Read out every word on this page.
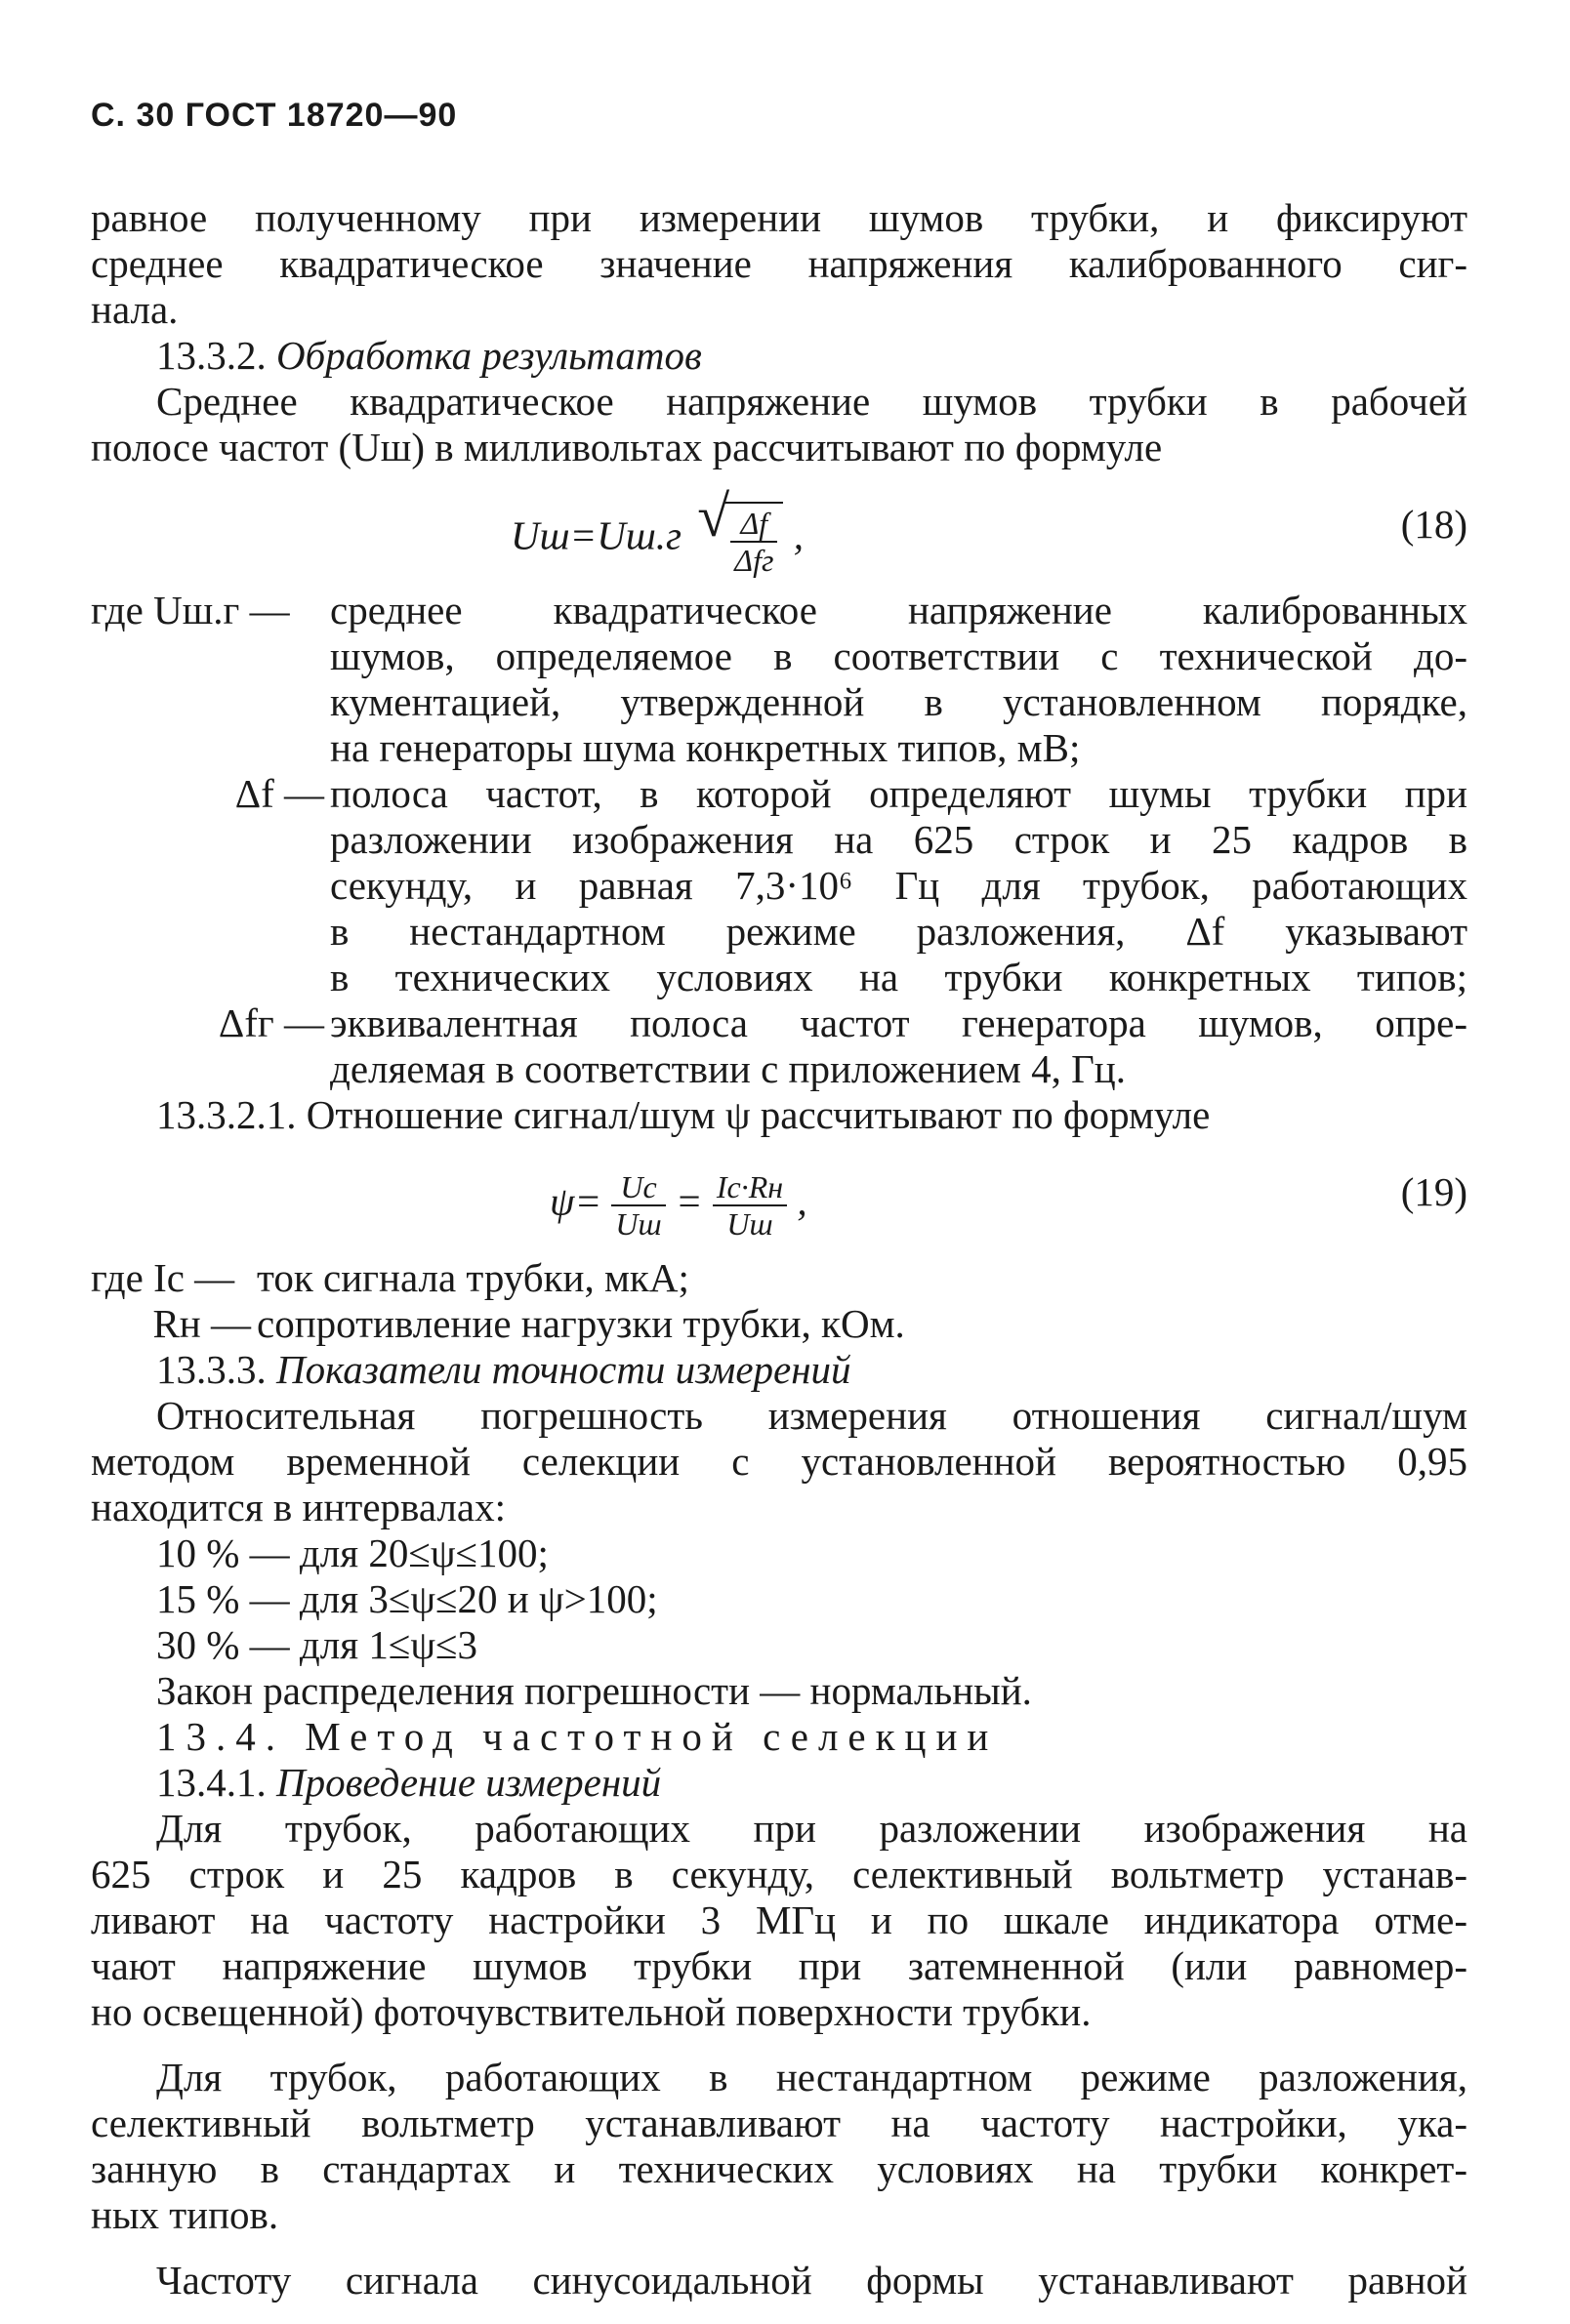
С. 30 ГОСТ 18720—90

равное полученному при измерении шумов трубки, и фиксируют

среднее квадратическое значение напряжения калиброванного сиг-

нала.

13.3.2. Обработка результатов

Среднее квадратическое напряжение шумов трубки в рабочей

полосе частот (Uш) в милливольтах рассчитывают по формуле

Uш=Uш.г √ $\frac{\Delta f}{\text{Δfг}}$ ,	(18)
где Uш.г —	среднее квадратическое напряжение калиброванных

шумов, определяемое в соответствии с технической до-

кументацией, утвержденной в установленном порядке,

на генераторы шума конкретных типов, мВ;

Δf — полоса частот, в которой определяют шумы трубки при

разложении изображения на 625 строк и 25 кадров в

секунду, и равная 7,3·10⁶ Гц для трубок, работающих

в нестандартном режиме разложения, Δf указывают

в технических условиях на трубки конкретных типов;

Δfг — эквивалентная полоса частот генератора шумов, опре-

деляемая в соответствии с приложением 4, Гц.

13.3.2.1. Отношение сигнал/шум ψ рассчитывают по формуле

$\psi= \frac{Uс}{Uш} = \frac{Iс\cdot Rн}{Uш}$ ,	(19)
где Iс — ток сигнала трубки, мкА;
Rн — сопротивление нагрузки трубки, кОм.

13.3.3. Показатели точности измерений

Относительная погрешность измерения отношения сигнал/шум

методом временной селекции с установленной вероятностью 0,95

находится в интервалах:

10 % — для 20≤ψ≤100;

15 % — для 3≤ψ≤20 и ψ>100;

30 % — для 1≤ψ≤3

Закон распределения погрешности — нормальный.

13.4. Метод частотной селекции

13.4.1. Проведение измерений

Для трубок, работающих при разложении изображения на

625 строк и 25 кадров в секунду, селективный вольтметр устанав-

ливают на частоту настройки 3 МГц и по шкале индикатора отме-

чают напряжение шумов трубки при затемненной (или равномер-

но освещенной) фоточувствительной поверхности трубки.

Для трубок, работающих в нестандартном режиме разложения,

селективный вольтметр устанавливают на частоту настройки, ука-

занную в стандартах и технических условиях на трубки конкрет-

ных типов.

Частоту сигнала синусоидальной формы устанавливают равной
